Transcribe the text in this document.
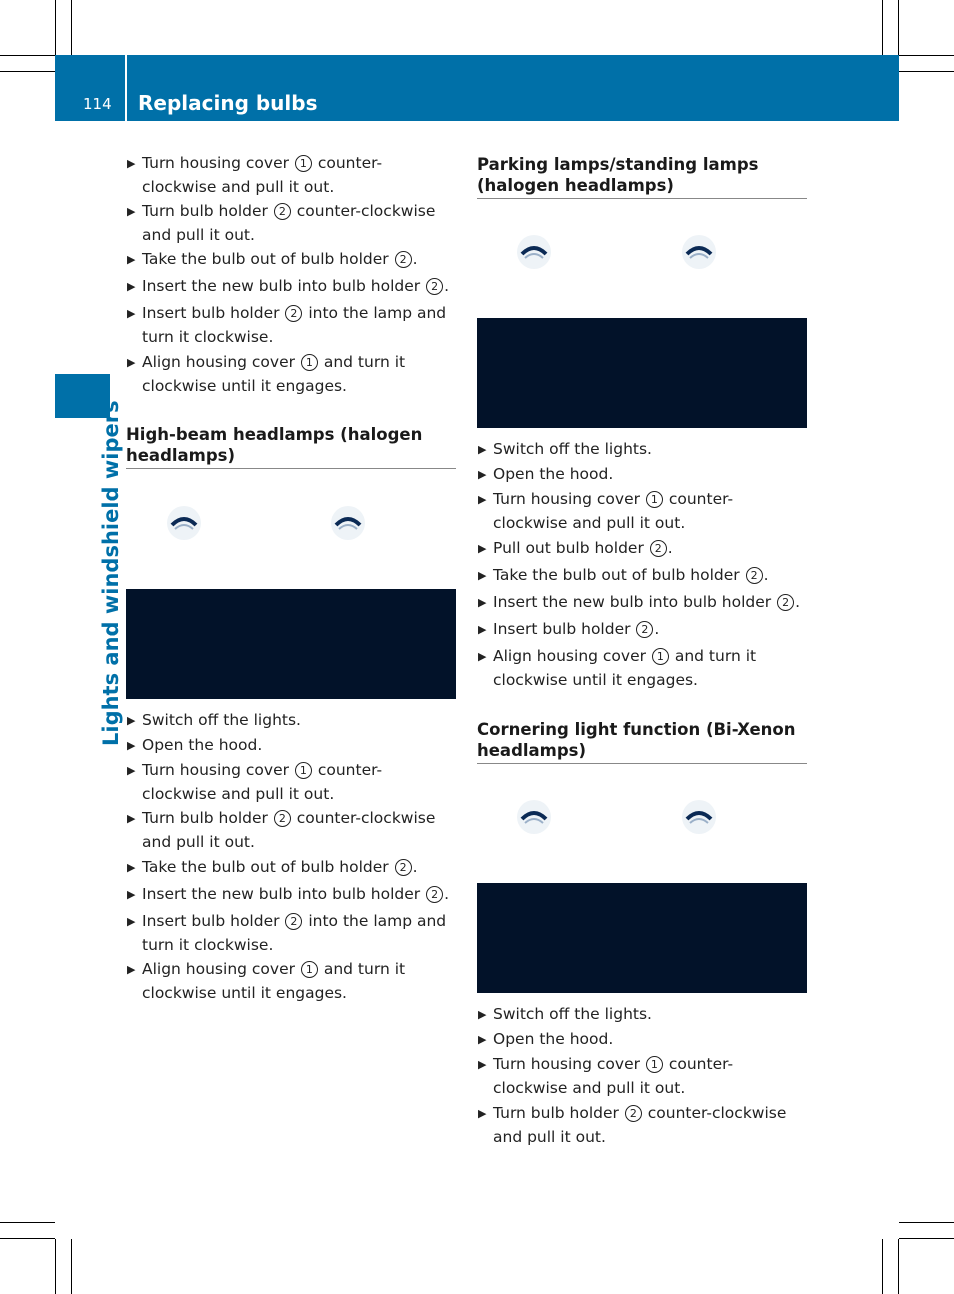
114 Replacing bulbs
Lights and windshield wipers
▶ Turn housing cover 1 counter-clockwise and pull it out.
▶ Turn bulb holder 2 counter-clockwise and pull it out.
▶ Take the bulb out of bulb holder 2 .
▶ Insert the new bulb into bulb holder 2 .
▶ Insert bulb holder 2 into the lamp and turn it clockwise.
▶ Align housing cover 1 and turn it clockwise until it engages.
High-beam headlamps (halogen headlamps)
▶ Switch off the lights.
▶ Open the hood.
▶ Turn housing cover 1 counter-clockwise and pull it out.
▶ Turn bulb holder 2 counter-clockwise and pull it out.
▶ Take the bulb out of bulb holder 2 .
▶ Insert the new bulb into bulb holder 2 .
▶ Insert bulb holder 2 into the lamp and turn it clockwise.
▶ Align housing cover 1 and turn it clockwise until it engages.
Parking lamps/standing lamps (halogen headlamps)
▶ Switch off the lights.
▶ Open the hood.
▶ Turn housing cover 1 counter-clockwise and pull it out.
▶ Pull out bulb holder 2 .
▶ Take the bulb out of bulb holder 2 .
▶ Insert the new bulb into bulb holder 2 .
▶ Insert bulb holder 2 .
▶ Align housing cover 1 and turn it clockwise until it engages.
Cornering light function (Bi-Xenon headlamps)
▶ Switch off the lights.
▶ Open the hood.
▶ Turn housing cover 1 counter-clockwise and pull it out.
▶ Turn bulb holder 2 counter-clockwise and pull it out.
